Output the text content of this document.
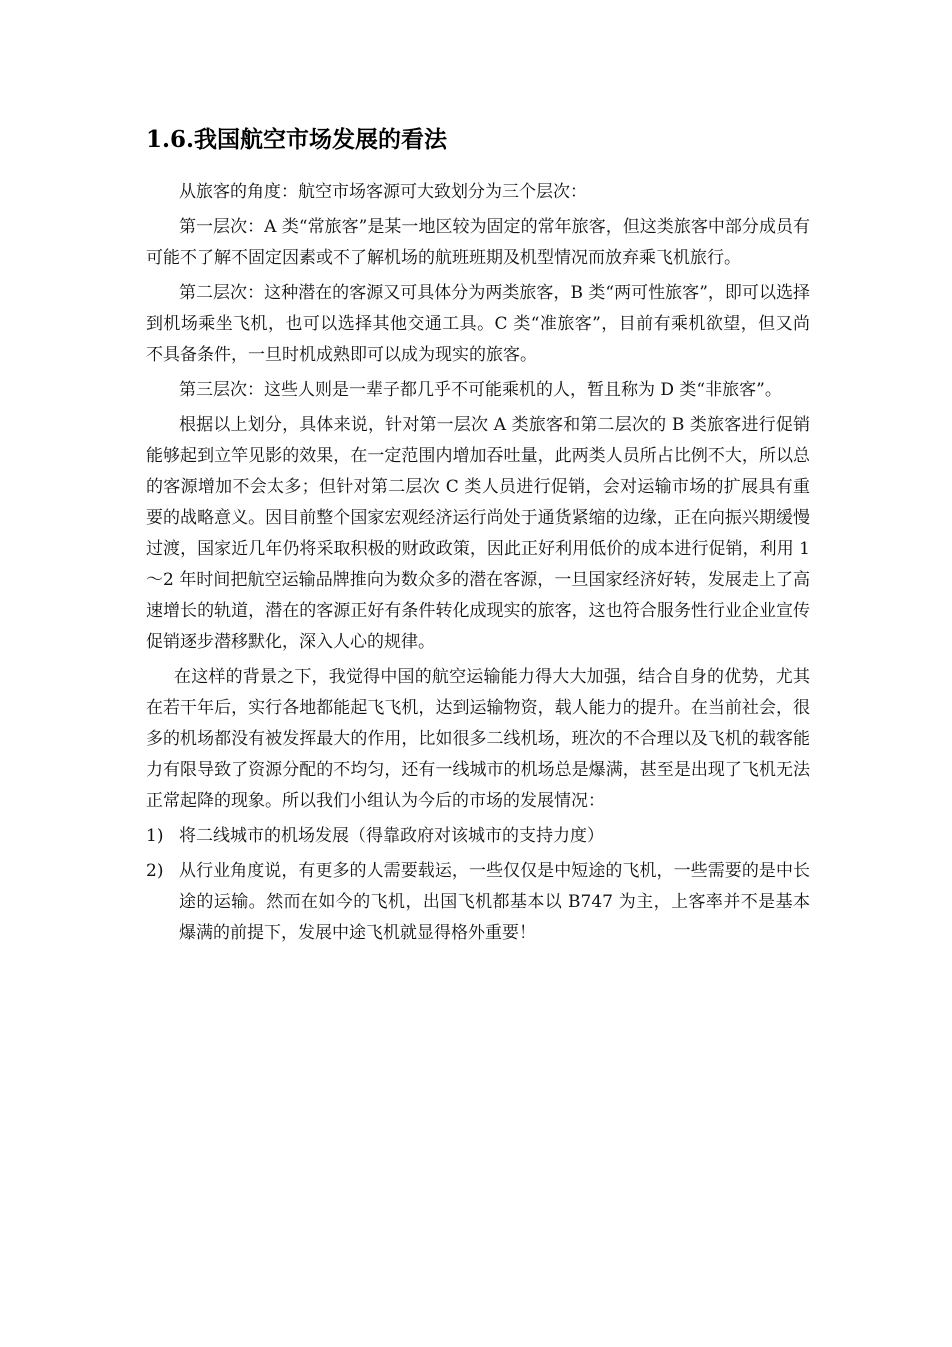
1.6.我国航空市场发展的看法

从旅客的角度：航空市场客源可大致划分为三个层次：

第一层次：A 类“常旅客”是某一地区较为固定的常年旅客，但这类旅客中部分成员有可能不了解不固定因素或不了解机场的航班班期及机型情况而放弃乘飞机旅行。

第二层次：这种潜在的客源又可具体分为两类旅客，B 类“两可性旅客”，即可以选择到机场乘坐飞机，也可以选择其他交通工具。C 类“准旅客”，目前有乘机欲望，但又尚不具备条件，一旦时机成熟即可以成为现实的旅客。

第三层次：这些人则是一辈子都几乎不可能乘机的人，暂且称为 D 类“非旅客”。

根据以上划分，具体来说，针对第一层次 A 类旅客和第二层次的 B 类旅客进行促销能够起到立竿见影的效果，在一定范围内增加吞吐量，此两类人员所占比例不大，所以总的客源增加不会太多；但针对第二层次 C 类人员进行促销，会对运输市场的扩展具有重要的战略意义。因目前整个国家宏观经济运行尚处于通货紧缩的边缘，正在向振兴期缓慢过渡，国家近几年仍将采取积极的财政政策，因此正好利用低价的成本进行促销，利用 1～2 年时间把航空运输品牌推向为数众多的潜在客源，一旦国家经济好转，发展走上了高速增长的轨道，潜在的客源正好有条件转化成现实的旅客，这也符合服务性行业企业宣传促销逐步潜移默化，深入人心的规律。

在这样的背景之下，我觉得中国的航空运输能力得大大加强，结合自身的优势，尤其在若干年后，实行各地都能起飞飞机，达到运输物资，载人能力的提升。在当前社会，很多的机场都没有被发挥最大的作用，比如很多二线机场，班次的不合理以及飞机的载客能力有限导致了资源分配的不均匀，还有一线城市的机场总是爆满，甚至是出现了飞机无法正常起降的现象。所以我们小组认为今后的市场的发展情况：

1) 将二线城市的机场发展（得靠政府对该城市的支持力度）
2) 从行业角度说，有更多的人需要载运，一些仅仅是中短途的飞机，一些需要的是中长途的运输。然而在如今的飞机，出国飞机都基本以 B747 为主，上客率并不是基本爆满的前提下，发展中途飞机就显得格外重要！
